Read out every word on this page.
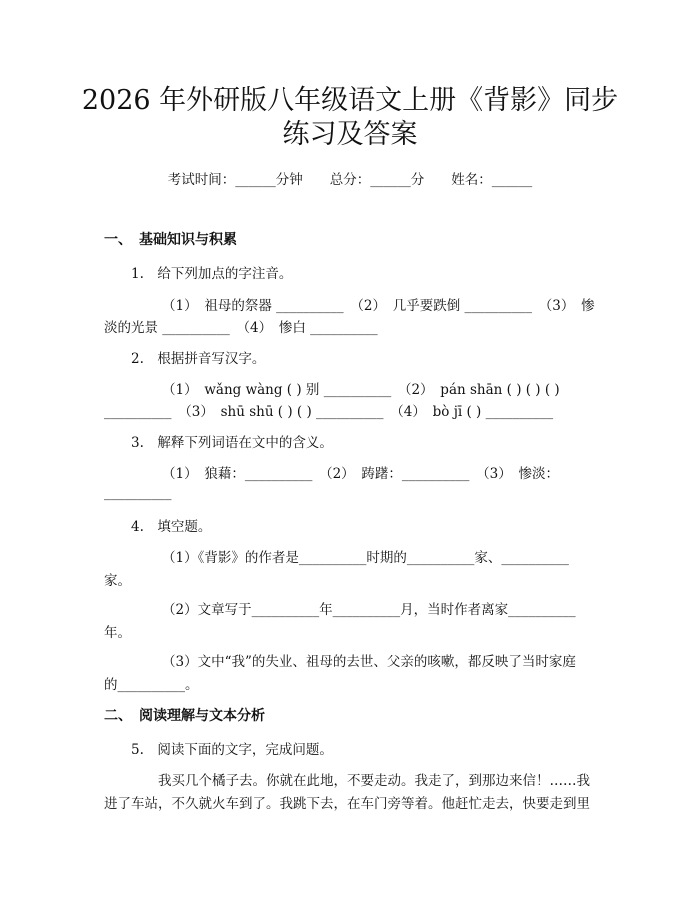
2026 年外研版八年级语文上册《背影》同步
练习及答案
考试时间：______分钟　　总分：______分　　姓名：______
一、　基础知识与积累
1.　给下列加点的字注音。
（1）　祖母的祭器 __________　（2）　几乎要跌倒 __________　（3）　惨
淡的光景 __________　（4）　惨白 __________
2.　根据拼音写汉字。
（1）　wǎng wàng ( ) 别 __________　（2）　pán shān ( ) ( ) ( )
__________　（3）　shū shū ( ) ( ) __________　（4）　bò jī ( ) __________
3.　解释下列词语在文中的含义。
（1）　狼藉：__________　（2）　踌躇：__________　（3）　惨淡：
__________
4.　填空题。
（1）《背影》的作者是__________时期的__________家、__________
家。
（2）文章写于__________年__________月，当时作者离家__________
年。
（3）文中“我”的失业、祖母的去世、父亲的咳嗽，都反映了当时家庭
的__________。
二、　阅读理解与文本分析
5.　阅读下面的文字，完成问题。
我买几个橘子去。你就在此地，不要走动。我走了，到那边来信！……我
进了车站，不久就火车到了。我跳下去，在车门旁等着。他赶忙走去，快要走到里
